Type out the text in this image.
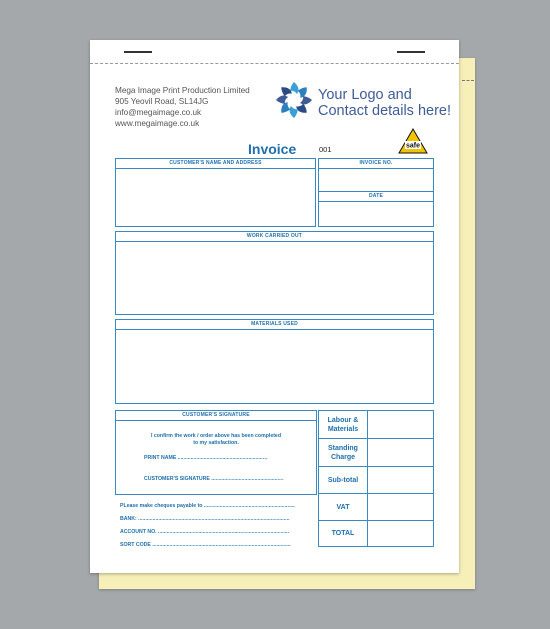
Mega Image Print Production Limited
905 Yeovil Road, SL14JG
info@megaimage.co.uk
www.megaimage.co.uk
Your Logo and
Contact details here!
safe
Invoice	001
CUSTOMER'S NAME AND ADDRESS	INVOICE NO.
DATE
WORK CARRIED OUT
MATERIALS USED
CUSTOMER'S SIGNATURE
I confirm the work / order above has been completed
to my satisfaction.
PRINT NAME ..............................................................
CUSTOMER'S SIGNATURE ..................................................
PLease make cheques payable to ...............................................................
BANK: .........................................................................................................
ACCOUNT NO. ...........................................................................................
SORT CODE ................................................................................................
Labour & Materials
Standing Charge
Sub-total
VAT
TOTAL
